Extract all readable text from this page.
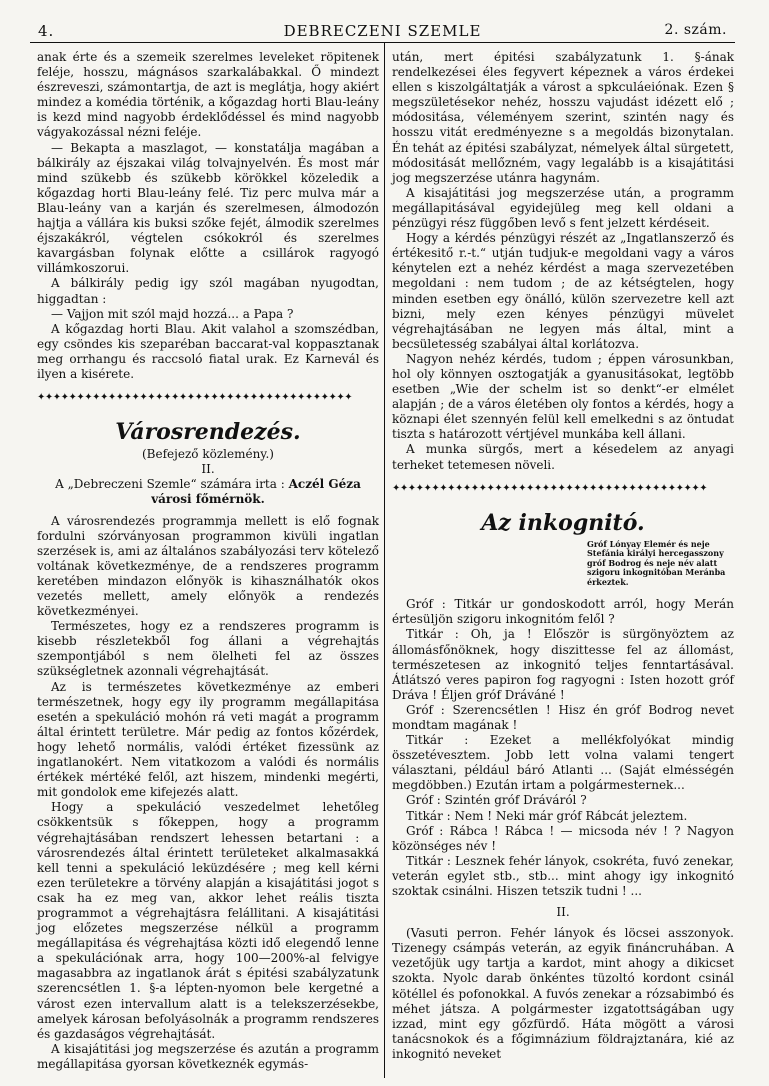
4.	DEBRECZENI SZEMLE	2. szám.

anak érte és a szemeik szerelmes leveleket röpitenek feléje, hosszu, mágnásos szarkalábakkal. Ő mindezt észreveszi, számontartja, de azt is meglátja, hogy akiért mindez a komédia történik, a kőgazdag horti Blau-leány is kezd mind nagyobb érdeklődéssel és mind nagyobb vágyakozással nézni feléje.

— Bekapta a maszlagot, — konstatálja magában a bálkirály az éjszakai világ tolvajnyelvén. És most már mind szükebb és szükebb körökkel közeledik a kőgazdag horti Blau-leány felé. Tiz perc mulva már a Blau-leány van a karján és szerelmesen, álmodozón hajtja a vállára kis buksi szőke fejét, álmodik szerelmes éjszakákról, végtelen csókokról és szerelmes kavargásban folynak előtte a csillárok ragyogó villámkoszorui.

A bálkirály pedig igy szól magában nyugodtan, higgadtan :

— Vajjon mit szól majd hozzá... a Papa ?

A kőgazdag horti Blau. Akit valahol a szomszédban, egy csöndes kis szeparéban baccarat-val koppasztanak meg orrhangu és raccsoló fiatal urak. Ez Karnevál és ilyen a kisérete.

✦✦✦✦✦✦✦✦✦✦✦✦✦✦✦✦✦✦✦✦✦✦✦✦✦✦✦✦✦✦✦✦✦✦✦✦✦✦✦✦
Városrendezés.

(Befejező közlemény.)

II.

A „Debreczeni Szemle“ számára irta : Aczél Géza városi főmérnök.

A városrendezés programmja mellett is elő fognak fordulni szórványosan programmon kivüli ingatlan szerzések is, ami az általános szabályozási terv kötelező voltának következménye, de a rendszeres programm keretében mindazon előnyök is kihasználhatók okos vezetés mellett, amely előnyök a rendezés következményei.

Természetes, hogy ez a rendszeres programm is kisebb részletekből fog állani a végrehajtás szempontjából s nem ölelheti fel az összes szükségletnek azonnali végrehajtását.

Az is természetes következménye az emberi természetnek, hogy egy ily programm megállapitása esetén a spekuláció mohón rá veti magát a programm által érintett területre. Már pedig az fontos kőzérdek, hogy lehető normális, valódi értéket fizessünk az ingatlanokért. Nem vitatkozom a valódi és normális értékek mértéké felől, azt hiszem, mindenki megérti, mit gondolok eme kifejezés alatt.

Hogy a spekuláció veszedelmet lehetőleg csökkentsük s főkeppen, hogy a programm végrehajtásában rendszert lehessen betartani : a városrendezés által érintett területeket alkalmasakká kell tenni a spekuláció leküzdésére ; meg kell kérni ezen területekre a törvény alapján a kisajátitási jogot s csak ha ez meg van, akkor lehet reális tiszta programmot a végrehajtásra felállitani. A kisajátitási jog előzetes megszerzése nélkül a programm megállapitása és végrehajtása közti idő elegendő lenne a spekulációnak arra, hogy 100—200%-al felvigye magasabbra az ingatlanok árát s épitési szabályzatunk szerencsétlen 1. §-a lépten-nyomon bele kergetné a várost ezen intervallum alatt is a telekszerzésekbe, amelyek károsan befolyásolnák a programm rendszeres és gazdaságos végrehajtását.

A kisajátitási jog megszerzése és azután a programm megállapitása gyorsan következnék egymás-

után, mert épitési szabályzatunk 1. §-ának rendelkezései éles fegyvert képeznek a város érdekei ellen s kiszolgáltatják a várost a spkculáeiónak. Ezen § megszületésekor nehéz, hosszu vajudást idézett elő ; módositása, véleményem szerint, szintén nagy és hosszu vitát eredményezne s a megoldás bizonytalan. Én tehát az épitési szabályzat, némelyek által sürgetett, módositását mellőzném, vagy legalább is a kisajátitási jog megszerzése utánra hagynám.

A kisajátitási jog megszerzése után, a programm megállapitásával egyidejüleg meg kell oldani a pénzügyi rész függőben levő s fent jelzett kérdéseit.

Hogy a kérdés pénzügyi részét az „Ingatlanszerző és értékesitő r.-t.“ utján tudjuk-e megoldani vagy a város kénytelen ezt a nehéz kérdést a maga szervezetében megoldani : nem tudom ; de az kétségtelen, hogy minden esetben egy önálló, külön szervezetre kell azt bizni, mely ezen kényes pénzügyi müvelet végrehajtásában ne legyen más által, mint a becsületesség szabályai által korlátozva.

Nagyon nehéz kérdés, tudom ; éppen városunkban, hol oly könnyen osztogatják a gyanusitásokat, legtöbb esetben „Wie der schelm ist so denkt“-er elmélet alapján ; de a város életében oly fontos a kérdés, hogy a köznapi élet szennyén felül kell emelkedni s az öntudat tiszta s határozott vértjével munkába kell állani.

A munka sürgős, mert a késedelem az anyagi terheket tetemesen növeli.

✦✦✦✦✦✦✦✦✦✦✦✦✦✦✦✦✦✦✦✦✦✦✦✦✦✦✦✦✦✦✦✦✦✦✦✦✦✦✦✦
Az inkognitó.
Gróf Lónyay Elemér és neje Stefánia királyi hercegasszony gróf Bodrog és neje név alatt szigoru inkognitóban Meránba érkeztek.

Gróf : Titkár ur gondoskodott arról, hogy Merán értesüljön szigoru inkognitóm felől ?

Titkár : Oh, ja ! Először is sürgönyöztem az állomásfőnöknek, hogy diszittesse fel az állomást, természetesen az inkognitó teljes fenntartásával. Átlátszó veres papiron fog ragyogni : Isten hozott gróf Dráva ! Éljen gróf Dráváné !

Gróf : Szerencsétlen ! Hisz én gróf Bodrog nevet mondtam magának !

Titkár : Ezeket a mellékfolyókat mindig összetévesztem. Jobb lett volna valami tengert választani, például báró Atlanti ... (Saját elmésségén megdöbben.) Ezután irtam a polgármesternek...

Gróf : Szintén gróf Dráváról ?

Titkár : Nem ! Neki már gróf Rábcát jeleztem.

Gróf : Rábca ! Rábca ! — micsoda név ! ? Nagyon közönséges név !

Titkár : Lesznek fehér lányok, csokréta, fuvó zenekar, veterán egylet stb., stb... mint ahogy igy inkognitó szoktak csinálni. Hiszen tetszik tudni ! ...

II.

(Vasuti perron. Fehér lányok és löcsei asszonyok. Tizenegy csámpás veterán, az egyik fináncruhában. A vezetőjük ugy tartja a kardot, mint ahogy a dikicset szokta. Nyolc darab önkéntes tüzoltó kordont csinál kötéllel és pofonokkal. A fuvós zenekar a rózsabimbó és méhet játsza. A polgármester izgatottságában ugy izzad, mint egy gőzfürdő. Háta mögött a városi tanácsnokok és a főgimnázium földrajztanára, kié az inkognitó neveket
